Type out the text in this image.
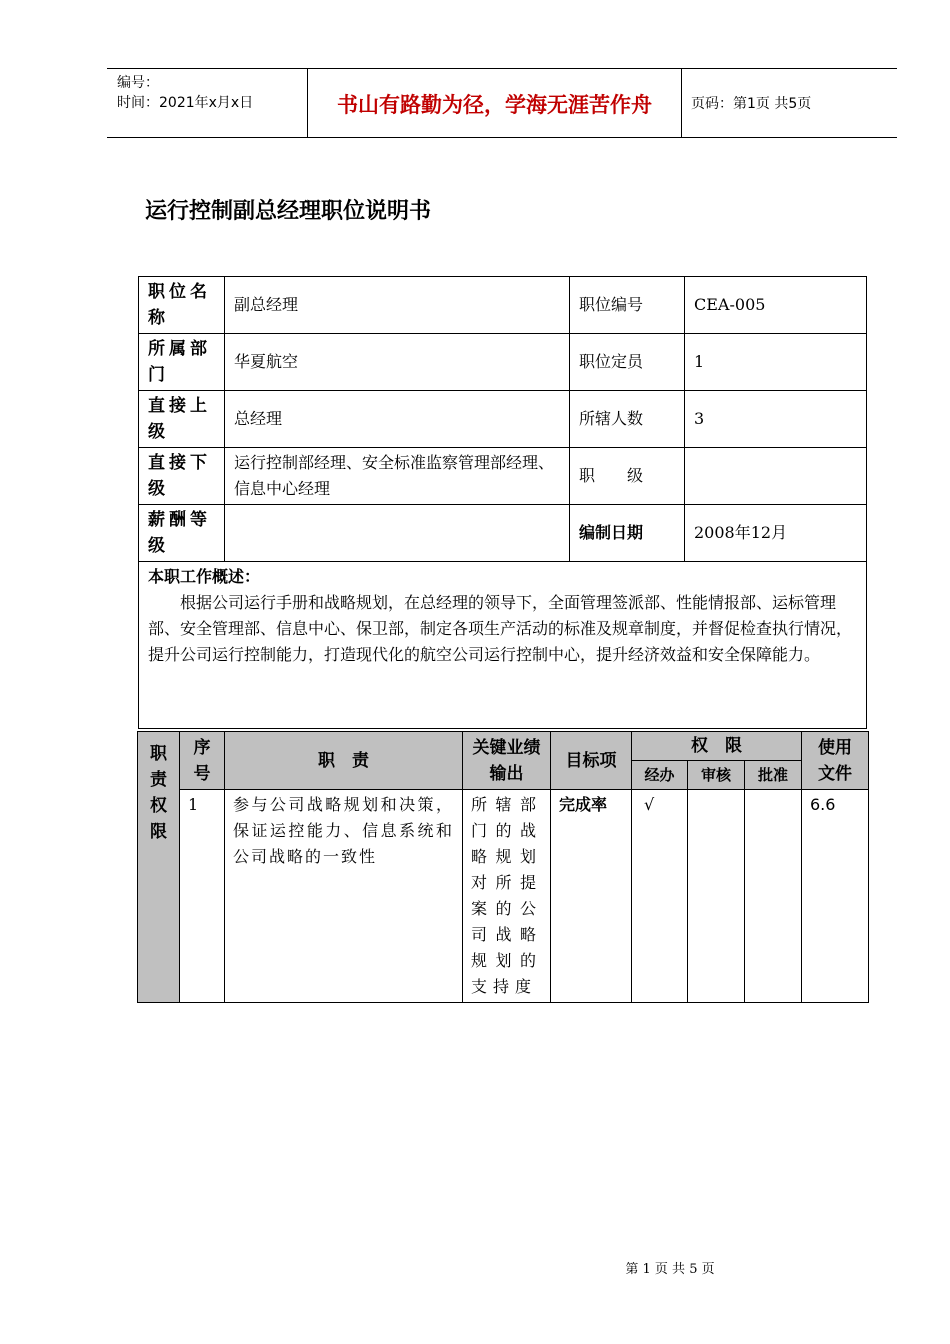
编号：
时间：2021年x月x日	书山有路勤为径，学海无涯苦作舟	页码：第1页 共5页
运行控制副总经理职位说明书
职位名称	副总经理	职位编号	CEA-005
所属部门	华夏航空	职位定员	1
直接上级	总经理	所辖人数	3
直接下级	运行控制部经理、安全标准监察管理部经理、信息中心经理	职　　级	
薪酬等级		编制日期	2008年12月

本职工作概述：
根据公司运行手册和战略规划，在总经理的领导下，全面管理签派部、性能情报部、运标管理部、安全管理部、信息中心、保卫部，制定各项生产活动的标准及规章制度，并督促检查执行情况，提升公司运行控制能力，打造现代化的航空公司运行控制中心，提升经济效益和安全保障能力。			
职责权限	序号	职　责	关键业绩输出	目标项	权　限			使用文件
					经办	审核	批准	
	1	参与公司战略规划和决策，保证运控能力、信息系统和公司战略的一致性	所辖部门的战略规划对所提案的公司战略规划的支持度	完成率	√			6.6
第 1 页 共 5 页
